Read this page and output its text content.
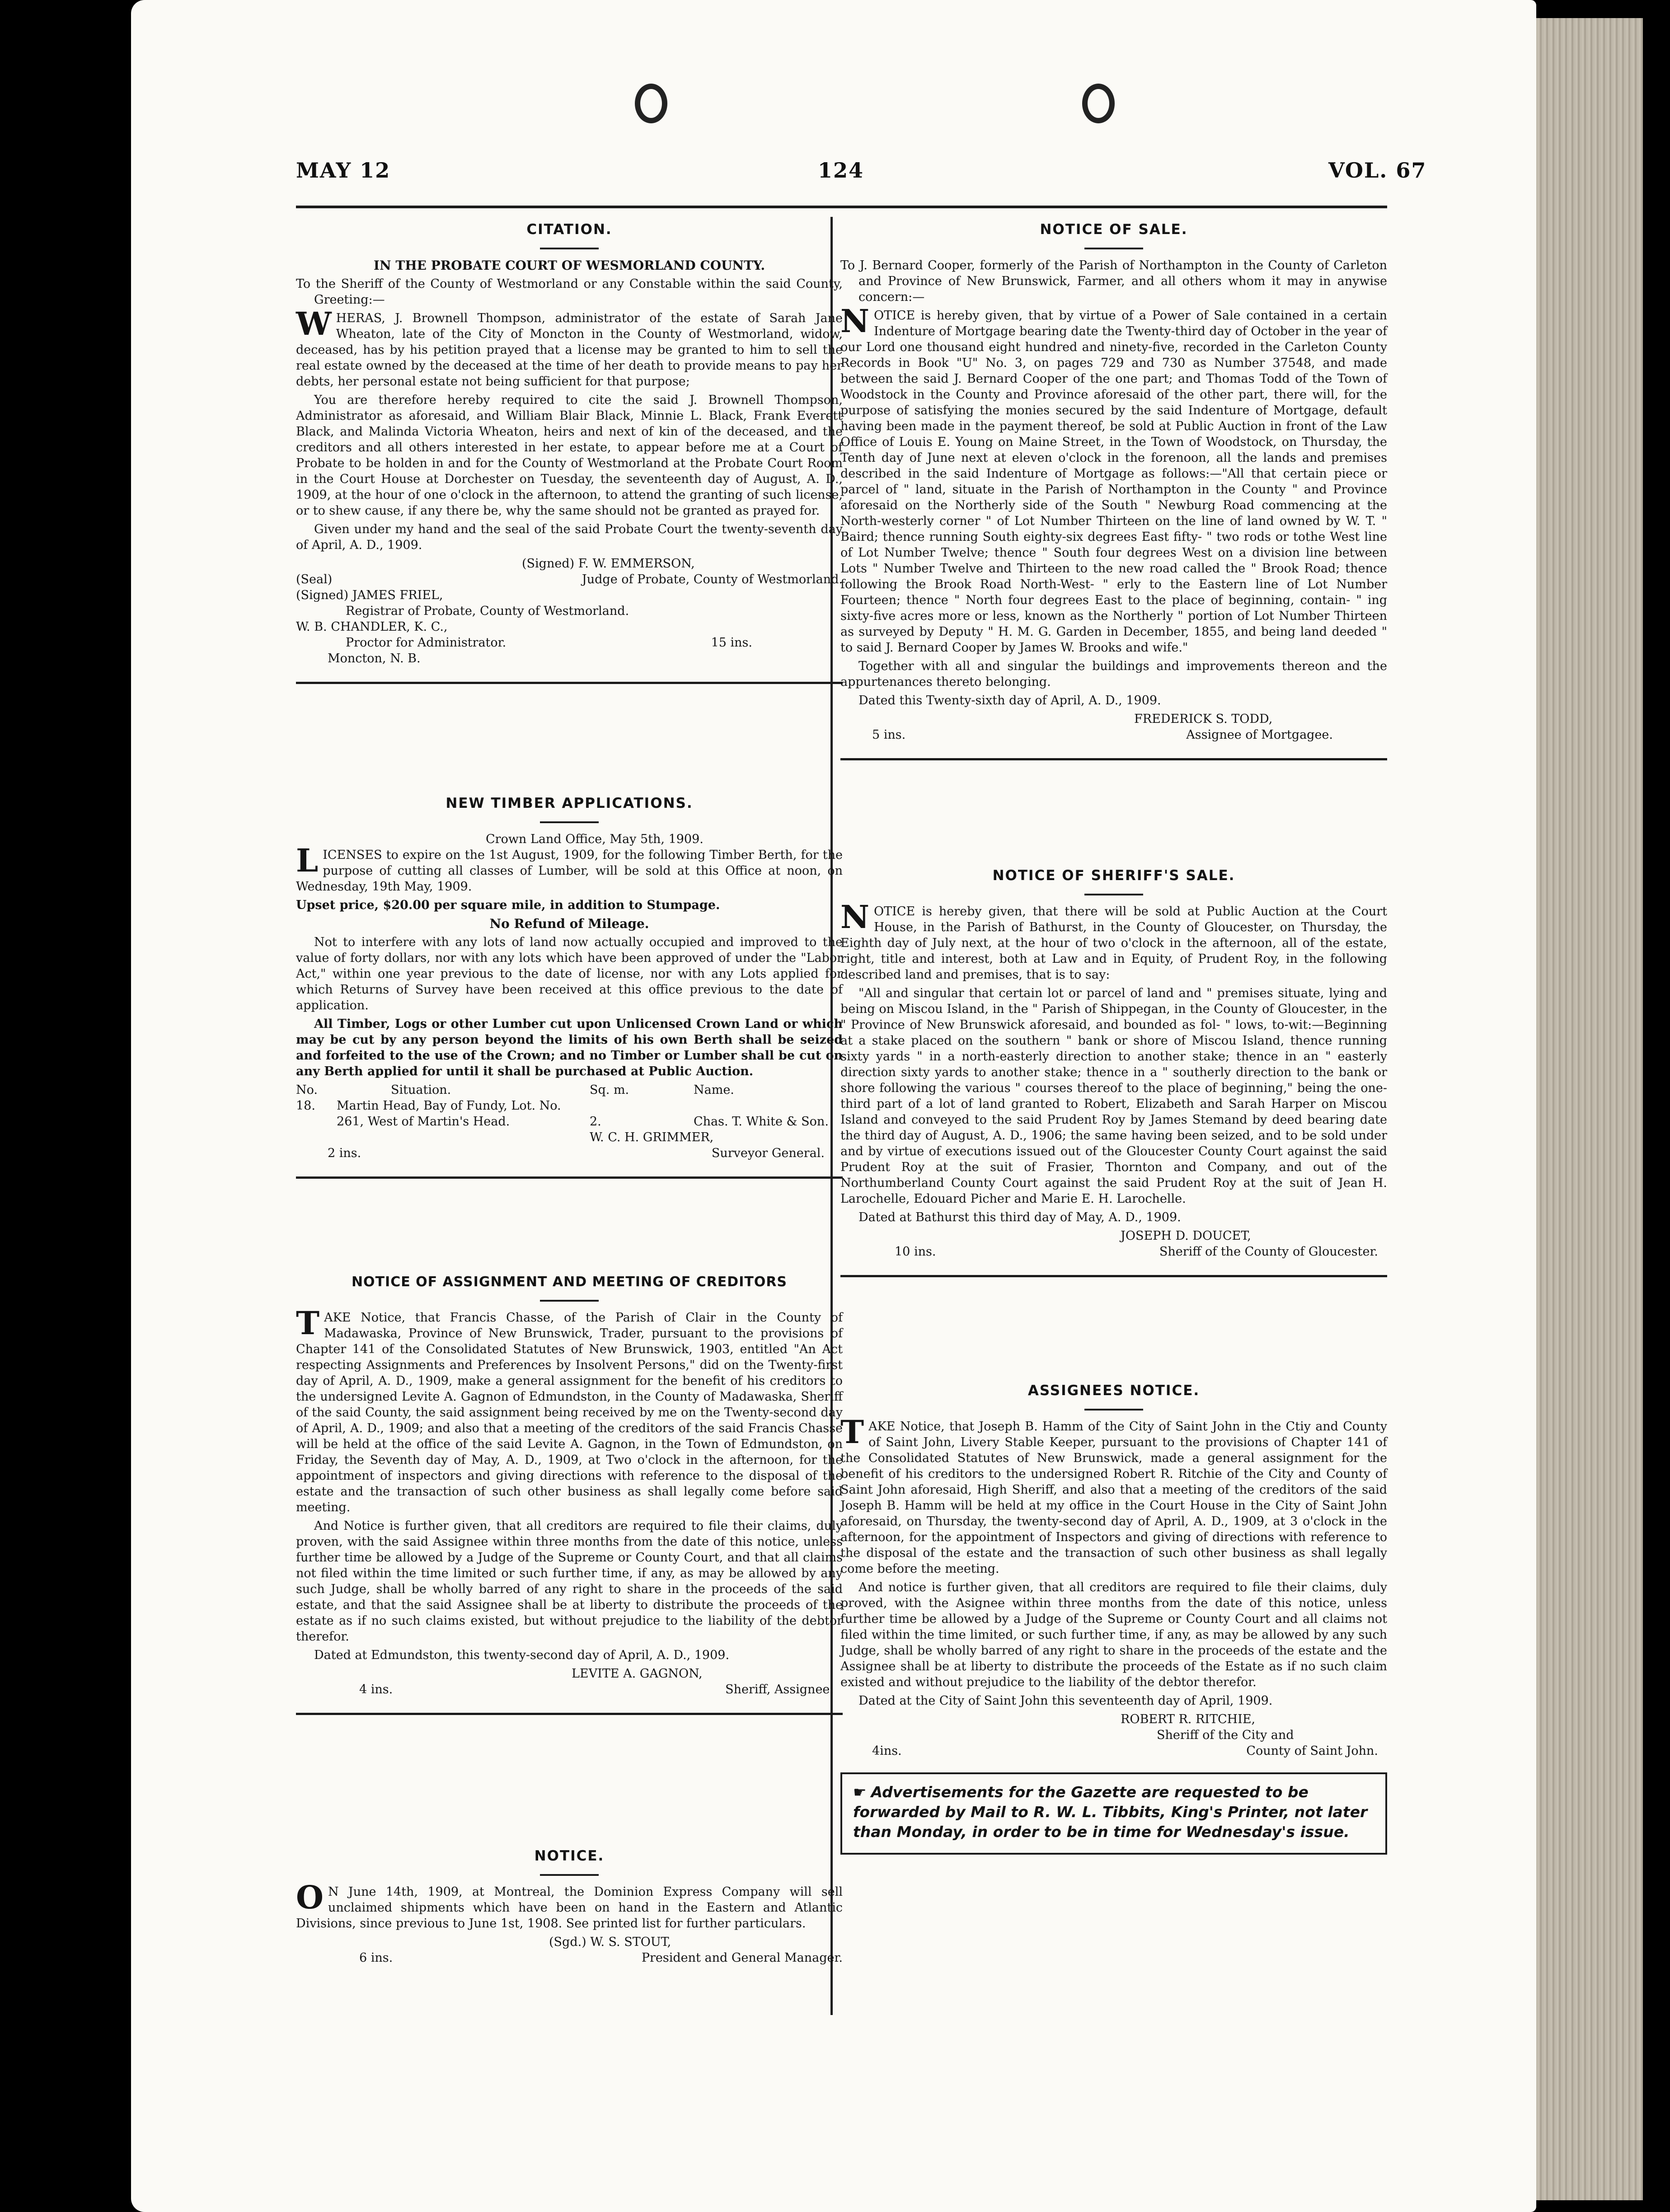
MAY 12	124	VOL. 67
CITATION.

IN THE PROBATE COURT OF WESMORLAND COUNTY.

To the Sheriff of the County of Westmorland or any Constable within the said County, Greeting:—

WHERAS, J. Brownell Thompson, administrator of the estate of Sarah Jane Wheaton, late of the City of Moncton in the County of Westmorland, widow, deceased, has by his petition prayed that a license may be granted to him to sell the real estate owned by the deceased at the time of her death to provide means to pay her debts, her personal estate not being sufficient for that purpose;

You are therefore hereby required to cite the said J. Brownell Thompson, Administrator as aforesaid, and William Blair Black, Minnie L. Black, Frank Everett Black, and Malinda Victoria Wheaton, heirs and next of kin of the deceased, and the creditors and all others interested in her estate, to appear before me at a Court of Probate to be holden in and for the County of Westmorland at the Probate Court Room in the Court House at Dorchester on Tuesday, the seventeenth day of August, A. D., 1909, at the hour of one o'clock in the afternoon, to attend the granting of such license, or to shew cause, if any there be, why the same should not be granted as prayed for.

Given under my hand and the seal of the said Probate Court the twenty-seventh day of April, A. D., 1909.

(Signed) F. W. EMMERSON,

(Seal)	Judge of Probate, County of Westmorland.

(Signed) JAMES FRIEL,

Registrar of Probate, County of Westmorland.

W. B. CHANDLER, K. C.,

Proctor for Administrator.	15 ins.

Moncton, N. B.

NEW TIMBER APPLICATIONS.

Crown Land Office, May 5th, 1909.

LICENSES to expire on the 1st August, 1909, for the following Timber Berth, for the purpose of cutting all classes of Lumber, will be sold at this Office at noon, on Wednesday, 19th May, 1909.

Upset price, $20.00 per square mile, in addition to Stumpage.

No Refund of Mileage.

Not to interfere with any lots of land now actually occupied and improved to the value of forty dollars, nor with any lots which have been approved of under the "Labor Act," within one year previous to the date of license, nor with any Lots applied for which Returns of Survey have been received at this office previous to the date of application.

All Timber, Logs or other Lumber cut upon Unlicensed Crown Land or which may be cut by any person beyond the limits of his own Berth shall be seized and forfeited to the use of the Crown; and no Timber or Lumber shall be cut on any Berth applied for until it shall be purchased at Public Auction.

No.	Situation.	Sq. m.	Name.
18.	Martin Head, Bay of Fundy, Lot. No. 261, West of Martin's Head.	2.	Chas. T. White & Son.

W. C. H. GRIMMER,

2 ins.	Surveyor General.
NOTICE OF ASSIGNMENT AND MEETING OF CREDITORS

TAKE Notice, that Francis Chasse, of the Parish of Clair in the County of Madawaska, Province of New Brunswick, Trader, pursuant to the provisions of Chapter 141 of the Consolidated Statutes of New Brunswick, 1903, entitled "An Act respecting Assignments and Preferences by Insolvent Persons," did on the Twenty-first day of April, A. D., 1909, make a general assignment for the benefit of his creditors to the undersigned Levite A. Gagnon of Edmundston, in the County of Madawaska, Sheriff of the said County, the said assignment being received by me on the Twenty-second day of April, A. D., 1909; and also that a meeting of the creditors of the said Francis Chasse will be held at the office of the said Levite A. Gagnon, in the Town of Edmundston, on Friday, the Seventh day of May, A. D., 1909, at Two o'clock in the afternoon, for the appointment of inspectors and giving directions with reference to the disposal of the estate and the transaction of such other business as shall legally come before said meeting.

And Notice is further given, that all creditors are required to file their claims, duly proven, with the said Assignee within three months from the date of this notice, unless further time be allowed by a Judge of the Supreme or County Court, and that all claims not filed within the time limited or such further time, if any, as may be allowed by any such Judge, shall be wholly barred of any right to share in the proceeds of the said estate, and that the said Assignee shall be at liberty to distribute the proceeds of the estate as if no such claims existed, but without prejudice to the liability of the debtor therefor.

Dated at Edmundston, this twenty-second day of April, A. D., 1909.

LEVITE A. GAGNON,

4 ins.	Sheriff, Assignee.
NOTICE.

O N June 14th, 1909, at Montreal, the Dominion Express Company will sell unclaimed shipments which have been on hand in the Eastern and Atlantic Divisions, since previous to June 1st, 1908. See printed list for further particulars.

(Sgd.) W. S. STOUT,

6 ins.	President and General Manager.
NOTICE OF SALE.

To J. Bernard Cooper, formerly of the Parish of Northampton in the County of Carleton and Province of New Brunswick, Farmer, and all others whom it may in anywise concern:—

NOTICE is hereby given, that by virtue of a Power of Sale contained in a certain Indenture of Mortgage bearing date the Twenty-third day of October in the year of our Lord one thousand eight hundred and ninety-five, recorded in the Carleton County Records in Book "U" No. 3, on pages 729 and 730 as Number 37548, and made between the said J. Bernard Cooper of the one part; and Thomas Todd of the Town of Woodstock in the County and Province aforesaid of the other part, there will, for the purpose of satisfying the monies secured by the said Indenture of Mortgage, default having been made in the payment thereof, be sold at Public Auction in front of the Law Office of Louis E. Young on Maine Street, in the Town of Woodstock, on Thursday, the Tenth day of June next at eleven o'clock in the forenoon, all the lands and premises described in the said Indenture of Mortgage as follows:—"All that certain piece or parcel of " land, situate in the Parish of Northampton in the County " and Province aforesaid on the Northerly side of the South " Newburg Road commencing at the North-westerly corner " of Lot Number Thirteen on the line of land owned by W. T. " Baird; thence running South eighty-six degrees East fifty- " two rods or tothe West line of Lot Number Twelve; thence " South four degrees West on a division line between Lots " Number Twelve and Thirteen to the new road called the " Brook Road; thence following the Brook Road North-West- " erly to the Eastern line of Lot Number Fourteen; thence " North four degrees East to the place of beginning, contain- " ing sixty-five acres more or less, known as the Northerly " portion of Lot Number Thirteen as surveyed by Deputy " H. M. G. Garden in December, 1855, and being land deeded " to said J. Bernard Cooper by James W. Brooks and wife."

Together with all and singular the buildings and improvements thereon and the appurtenances thereto belonging.

Dated this Twenty-sixth day of April, A. D., 1909.

FREDERICK S. TODD,

5 ins.	Assignee of Mortgagee.
NOTICE OF SHERIFF'S SALE.

NOTICE is hereby given, that there will be sold at Public Auction at the Court House, in the Parish of Bathurst, in the County of Gloucester, on Thursday, the Eighth day of July next, at the hour of two o'clock in the afternoon, all of the estate, right, title and interest, both at Law and in Equity, of Prudent Roy, in the following described land and premises, that is to say:

"All and singular that certain lot or parcel of land and " premises situate, lying and being on Miscou Island, in the " Parish of Shippegan, in the County of Gloucester, in the " Province of New Brunswick aforesaid, and bounded as fol- " lows, to-wit:—Beginning at a stake placed on the southern " bank or shore of Miscou Island, thence running sixty yards " in a north-easterly direction to another stake; thence in an " easterly direction sixty yards to another stake; thence in a " southerly direction to the bank or shore following the various " courses thereof to the place of beginning," being the one-third part of a lot of land granted to Robert, Elizabeth and Sarah Harper on Miscou Island and conveyed to the said Prudent Roy by James Stemand by deed bearing date the third day of August, A. D., 1906; the same having been seized, and to be sold under and by virtue of executions issued out of the Gloucester County Court against the said Prudent Roy at the suit of Frasier, Thornton and Company, and out of the Northumberland County Court against the said Prudent Roy at the suit of Jean H. Larochelle, Edouard Picher and Marie E. H. Larochelle.

Dated at Bathurst this third day of May, A. D., 1909.

JOSEPH D. DOUCET,

10 ins.	Sheriff of the County of Gloucester.
ASSIGNEES NOTICE.

TAKE Notice, that Joseph B. Hamm of the City of Saint John in the Ctiy and County of Saint John, Livery Stable Keeper, pursuant to the provisions of Chapter 141 of the Consolidated Statutes of New Brunswick, made a general assignment for the benefit of his creditors to the undersigned Robert R. Ritchie of the City and County of Saint John aforesaid, High Sheriff, and also that a meeting of the creditors of the said Joseph B. Hamm will be held at my office in the Court House in the City of Saint John aforesaid, on Thursday, the twenty-second day of April, A. D., 1909, at 3 o'clock in the afternoon, for the appointment of Inspectors and giving of directions with reference to the disposal of the estate and the transaction of such other business as shall legally come before the meeting.

And notice is further given, that all creditors are required to file their claims, duly proved, with the Asignee within three months from the date of this notice, unless further time be allowed by a Judge of the Supreme or County Court and all claims not filed within the time limited, or such further time, if any, as may be allowed by any such Judge, shall be wholly barred of any right to share in the proceeds of the estate and the Assignee shall be at liberty to distribute the proceeds of the Estate as if no such claim existed and without prejudice to the liability of the debtor therefor.

Dated at the City of Saint John this seventeenth day of April, 1909.

ROBERT R. RITCHIE,

Sheriff of the City and

4ins.	County of Saint John.

☛ Advertisements for the Gazette are requested to be forwarded by Mail to R. W. L. Tibbits, King's Printer, not later than Monday, in order to be in time for Wednesday's issue.
